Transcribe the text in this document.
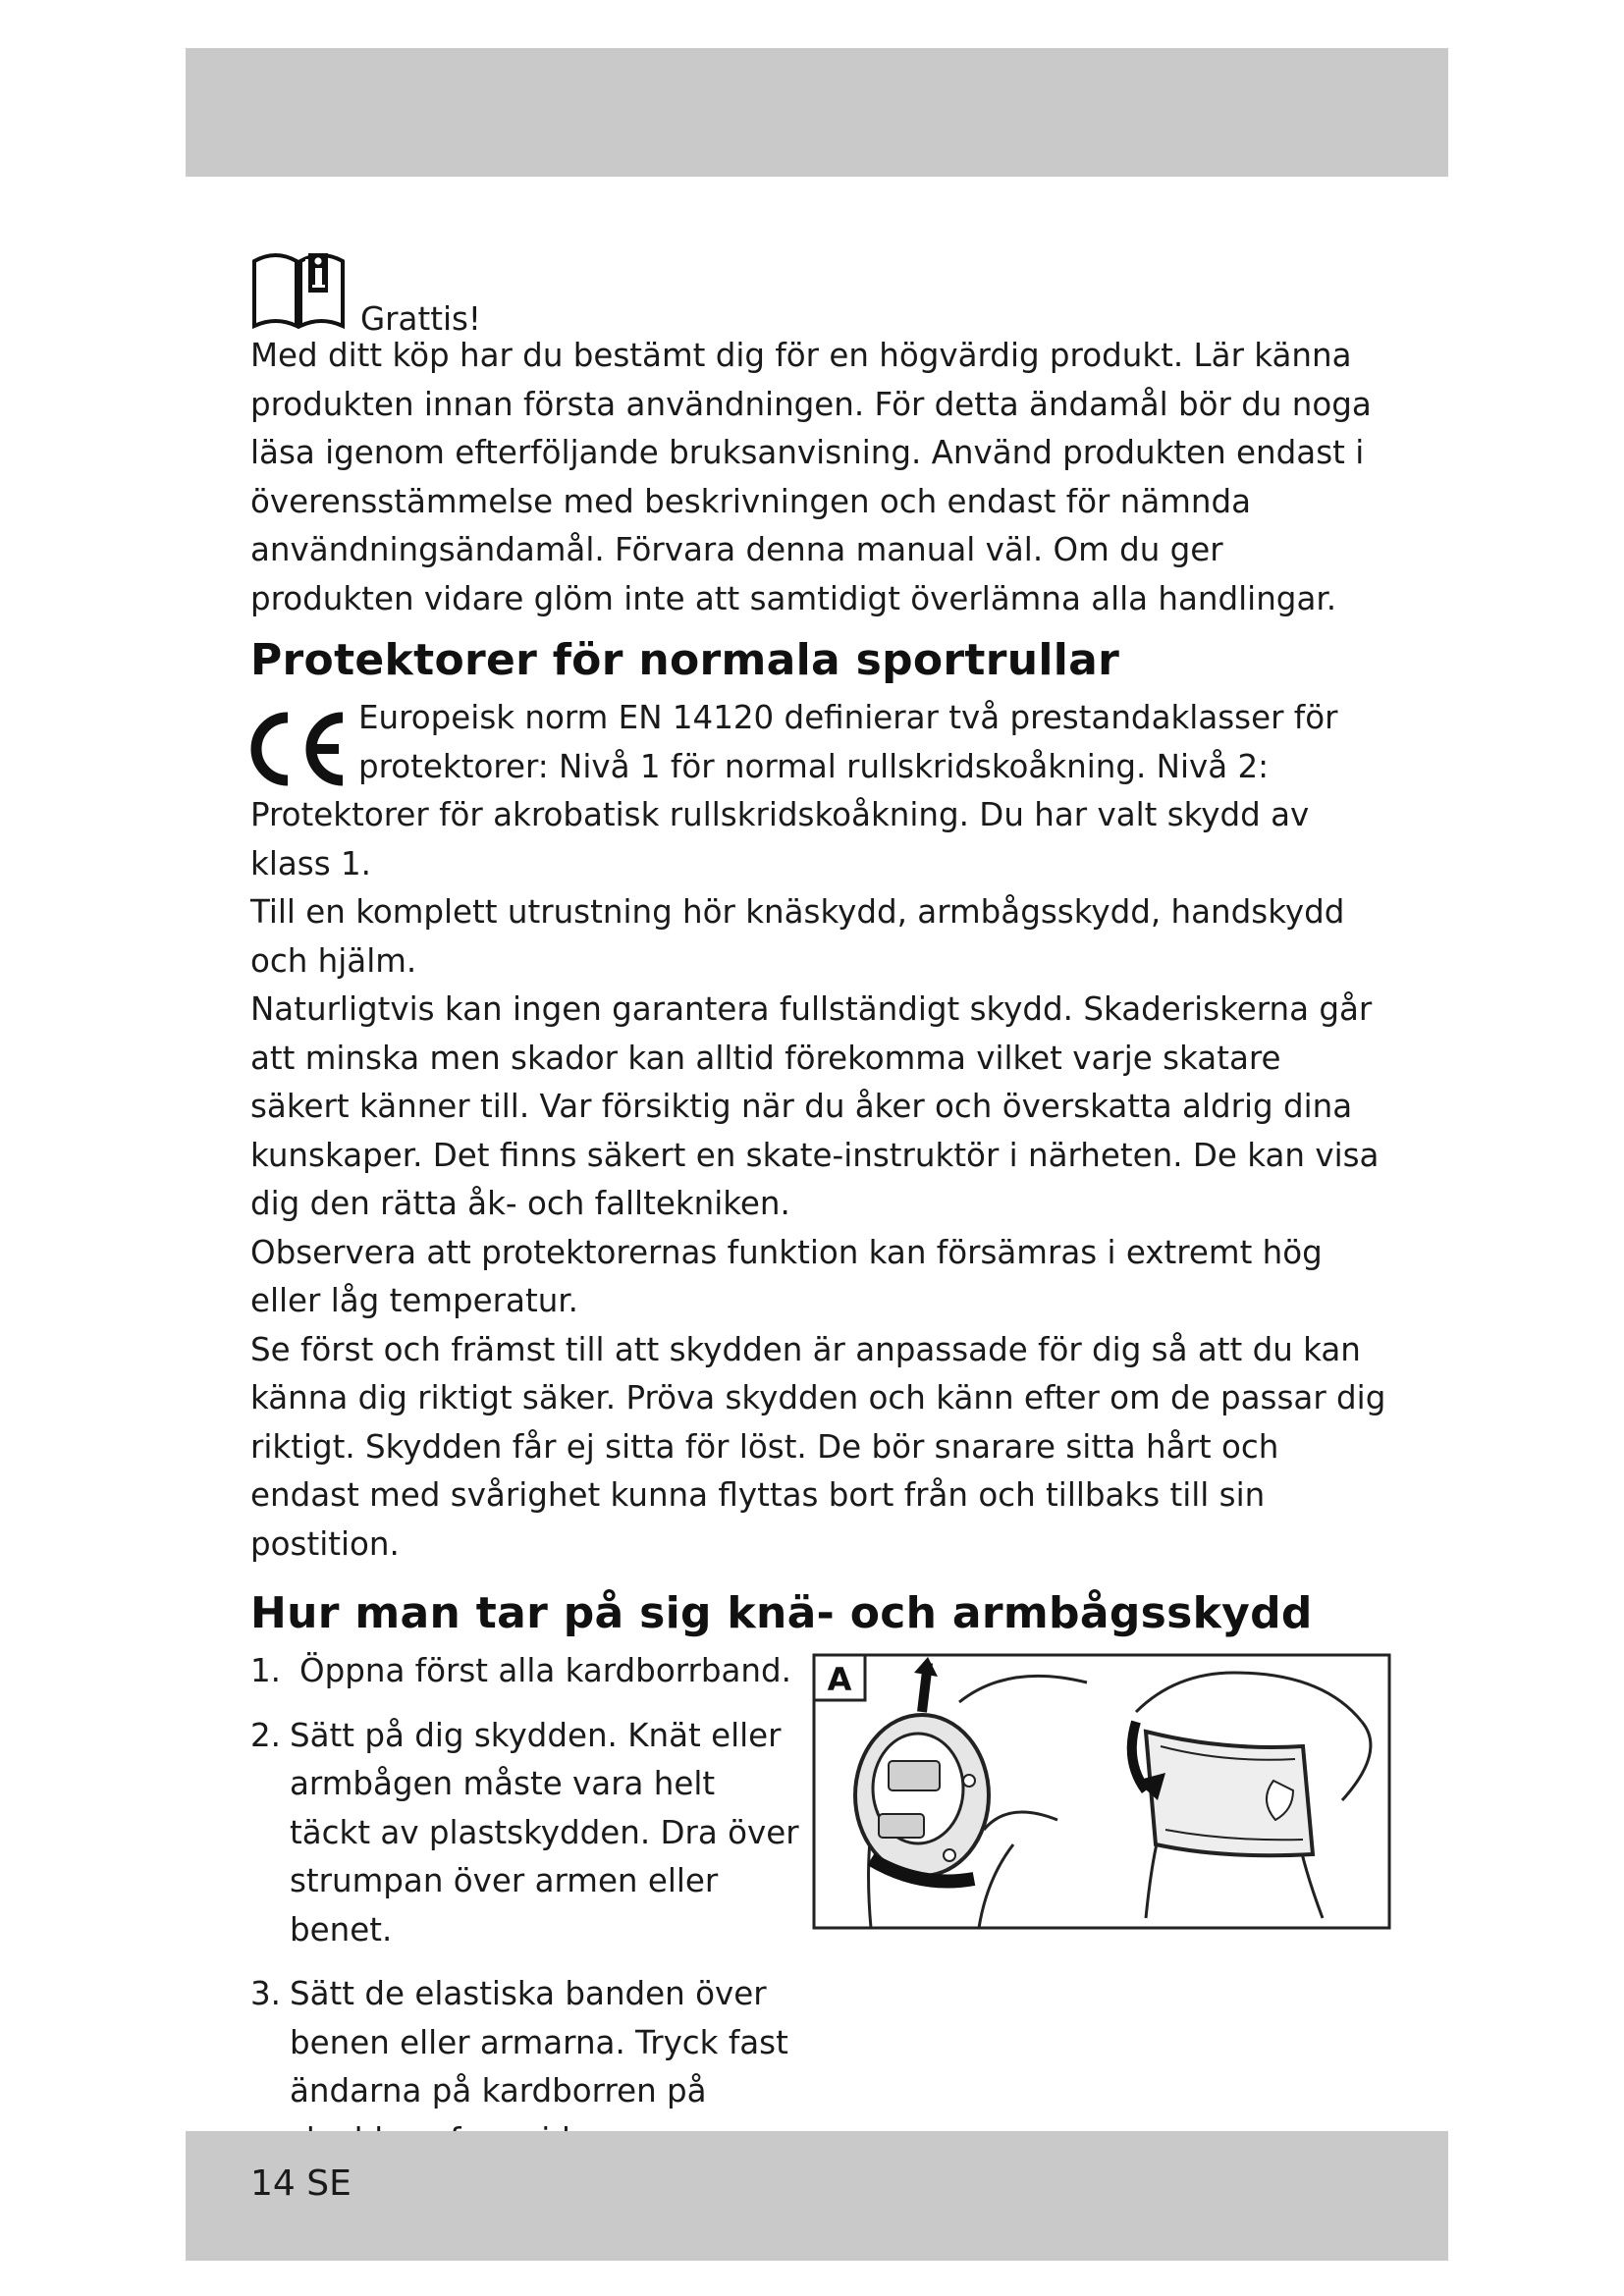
Grattis!

Med ditt köp har du bestämt dig för en högvärdig produkt. Lär känna produkten innan första användningen. För detta ändamål bör du noga läsa igenom efterföljande bruksanvisning. Använd produkten endast i överensstämmelse med beskrivningen och endast för nämnda användningsändamål. Förvara denna manual väl. Om du ger produkten vidare glöm inte att samtidigt överlämna alla handlingar.

Protektorer för normala sportrullar

Europeisk norm EN 14120 definierar två prestandaklasser för protektorer: Nivå 1 för normal rullskridskoåkning. Nivå 2: Protektorer för akrobatisk rullskridskoåkning. Du har valt skydd av klass 1.

Till en komplett utrustning hör knäskydd, armbågsskydd, handskydd och hjälm.

Naturligtvis kan ingen garantera fullständigt skydd. Skaderiskerna går att minska men skador kan alltid förekomma vilket varje skatare säkert känner till. Var försiktig när du åker och överskatta aldrig dina kunskaper. Det finns säkert en skate-instruktör i närheten. De kan visa dig den rätta åk- och falltekniken.

Observera att protektorernas funktion kan försämras i extremt hög eller låg temperatur.

Se först och främst till att skydden är anpassade för dig så att du kan känna dig riktigt säker. Pröva skydden och känn efter om de passar dig riktigt. Skydden får ej sitta för löst. De bör snarare sitta hårt och endast med svårighet kunna flyttas bort från och tillbaks till sin postition.

Hur man tar på sig knä- och armbågsskydd
1. Öppna först alla kardborrband.
2. Sätt på dig skydden. Knät eller armbågen måste vara helt täckt av plastskydden. Dra över strumpan över armen eller benet.
3. Sätt de elastiska banden över benen eller armarna. Tryck fast ändarna på kardborren på
A
14 SE
